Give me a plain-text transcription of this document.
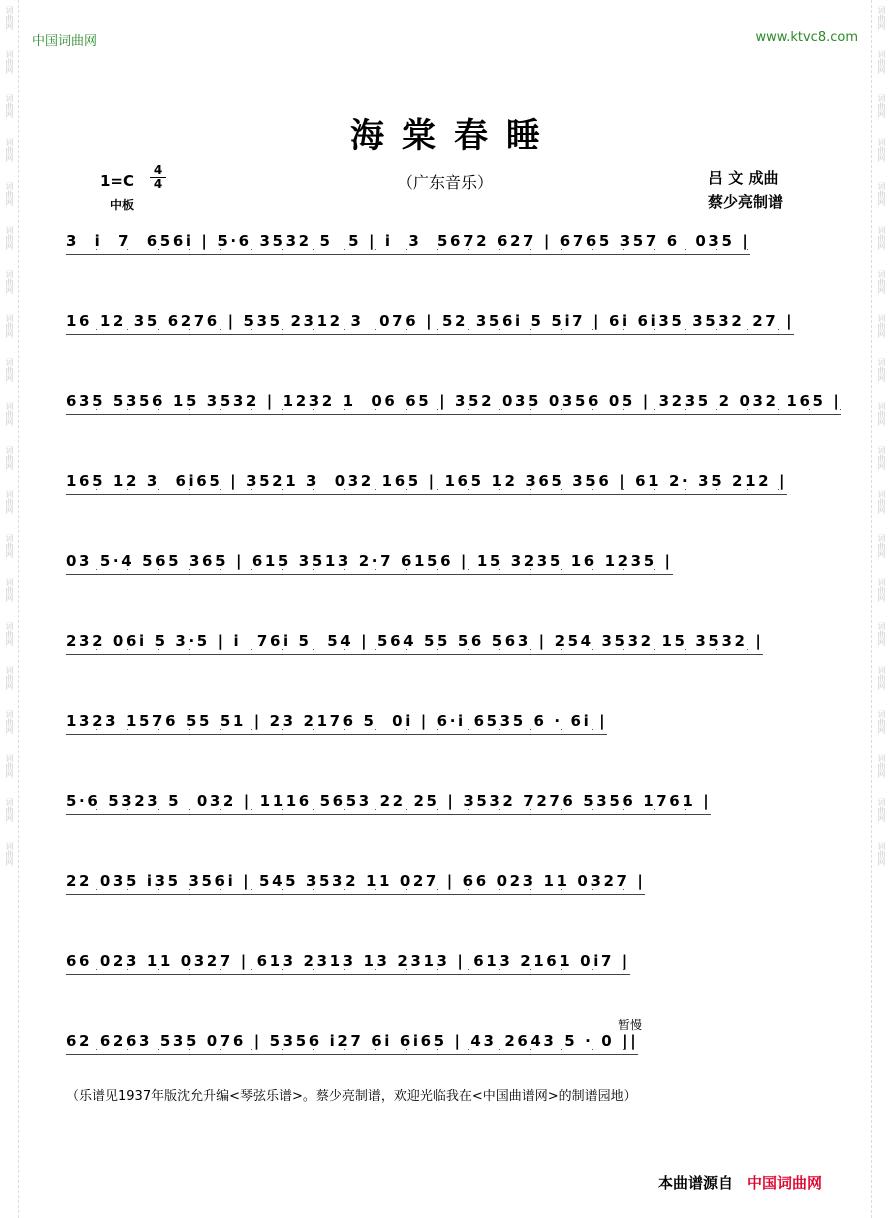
词曲网
词曲网
词曲网
词曲网
词曲网
词曲网
词曲网
词曲网
词曲网
词曲网
词曲网
词曲网
词曲网
词曲网
词曲网
词曲网
词曲网
词曲网
词曲网
词曲网
词曲网
词曲网
词曲网
词曲网
词曲网
词曲网
词曲网
词曲网
词曲网
词曲网
词曲网
词曲网
词曲网
词曲网
词曲网
词曲网
词曲网
词曲网
词曲网
词曲网
中国词曲网	www.ktvc8.com
海棠春睡
（广东音乐）
1=C
4
4
中板
吕 文 成曲
蔡少亮制谱
3  i  7  656i | 5·6 3532 5  5 | i  3  5672 627 | 6765 357 6  035 |
16 12 35 6276 | 535 2312 3  076 | 52 356i 5 5i7 | 6i 6i35 3532 27 |
635 5356 15 3532 | 1232 1  06 65 | 352 035 0356 05 | 3235 2 032 165 |
165 12 3  6i65 | 3521 3  032 165 | 165 12 365 356 | 61 2· 35 212 |
03 5·4 565 365 | 615 3513 2·7 6156 | 15 3235 16 1235 |
232 06i 5 3·5 | i  76i 5  54 | 564 55 56 563 | 254 3532 15 3532 |
1323 1576 55 51 | 23 2176 5  0i | 6·i 6535 6 · 6i |
5·6 5323 5  032 | 1116 5653 22 25 | 3532 7276 5356 1761 |
22 035 i35 356i | 545 3532 11 027 | 66 023 11 0327 |
66 023 11 0327 | 613 2313 13 2313 | 613 2161 0i7 |
62 6263 535 076 | 5356 i27 6i 6i65 | 43 2643 5 · 0 ||
暂慢
（乐谱见1937年版沈允升编<琴弦乐谱>。蔡少亮制谱，欢迎光临我在<中国曲谱网>的制谱园地）
本曲谱源自 中国词曲网
